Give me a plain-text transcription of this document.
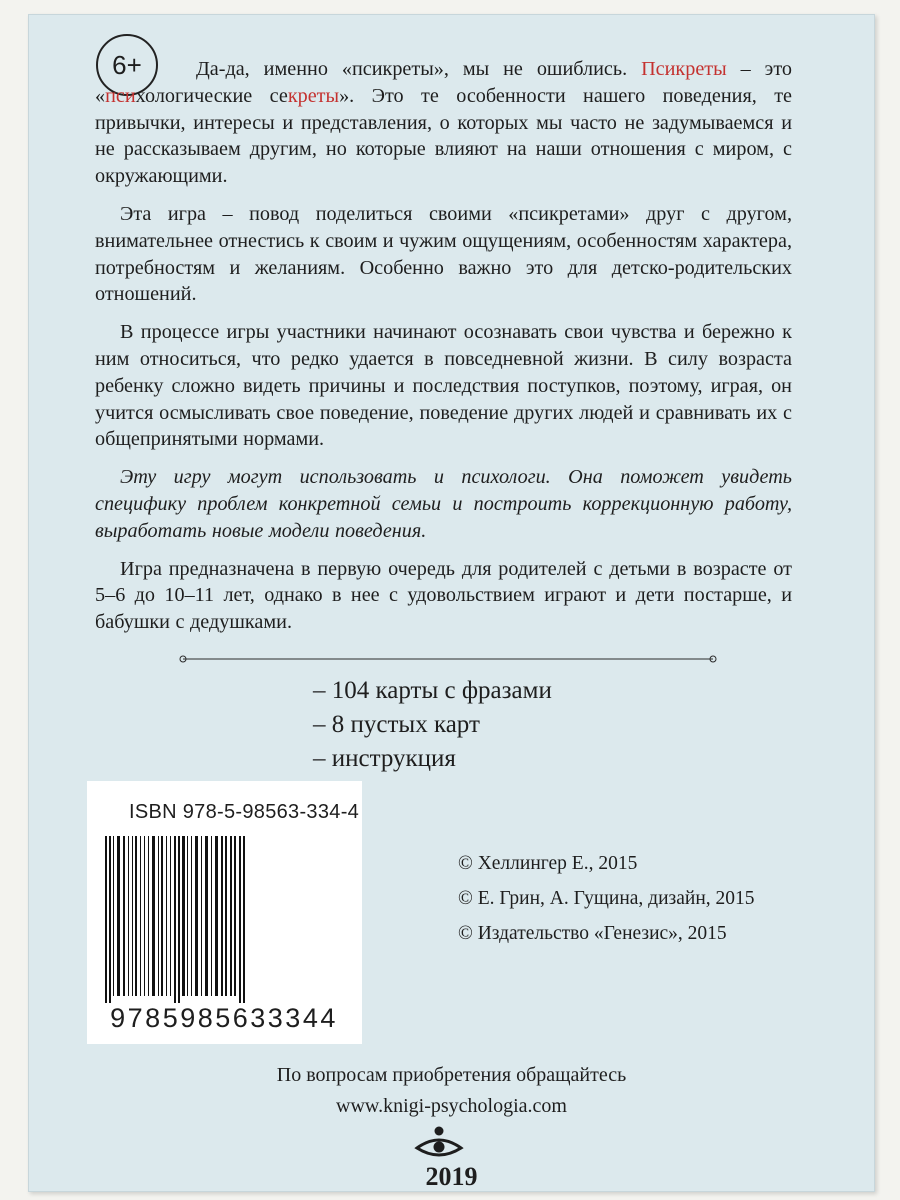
6+	Да-да, именно «псикреты», мы не ошиблись. Псикреты – это «психологические секреты». Это те особенности нашего поведения, те привычки, интересы и представления, о которых мы часто не задумываемся и не рассказываем другим, но которые влияют на наши отношения с миром, с окружающими.

Эта игра – повод поделиться своими «псикретами» друг с другом, внимательнее отнестись к своим и чужим ощущениям, особенностям характера, потребностям и желаниям. Особенно важно это для детско-родительских отношений.

В процессе игры участники начинают осознавать свои чувства и бережно к ним относиться, что редко удается в повседневной жизни. В силу возраста ребенку сложно видеть причины и последствия поступков, поэтому, играя, он учится осмысливать свое поведение, поведение других людей и сравнивать их с общепринятыми нормами.

Эту игру могут использовать и психологи. Она поможет увидеть специфику проблем конкретной семьи и построить коррекционную работу, выработать новые модели поведения.

Игра предназначена в первую очередь для родителей с детьми в возрасте от 5–6 до 10–11 лет, однако в нее с удовольствием играют и дети постарше, и бабушки с дедушками.

– 104 карты с фразами
– 8 пустых карт
– инструкция
ISBN 978-5-98563-334-4
9785985633344
© Хеллингер Е., 2015
© Е. Грин, А. Гущина, дизайн, 2015
© Издательство «Генезис», 2015
По вопросам приобретения обращайтесь
www.knigi-psychologia.com
2019
